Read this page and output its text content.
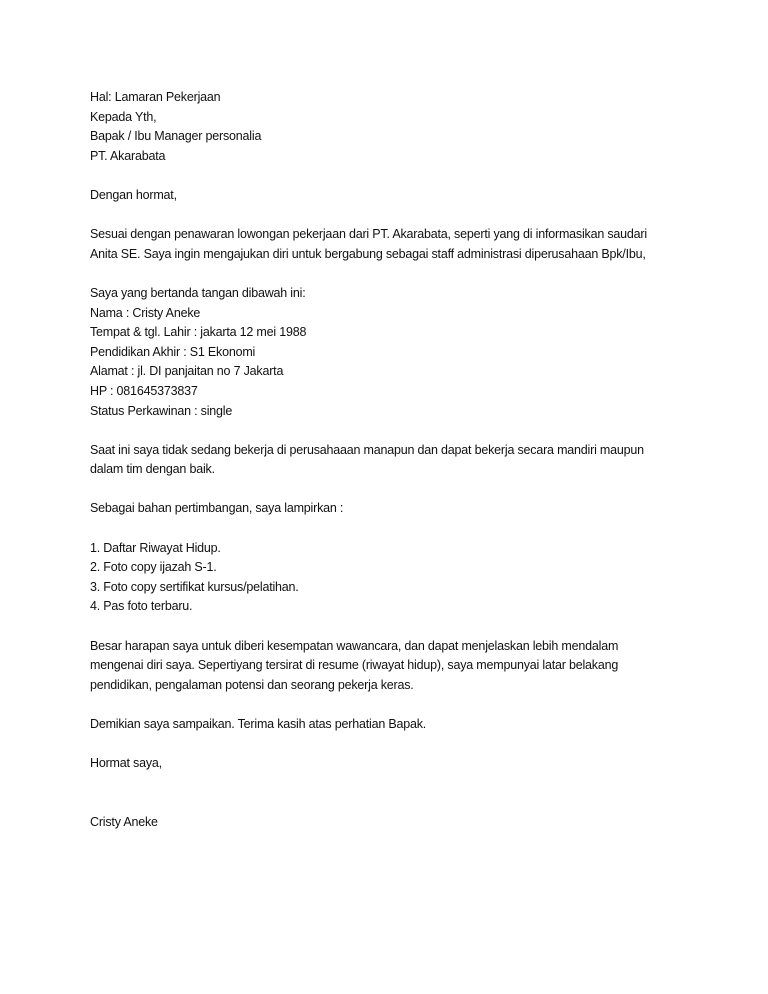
Hal: Lamaran Pekerjaan
Kepada Yth,
Bapak / Ibu Manager personalia
PT. Akarabata
Dengan hormat,
Sesuai dengan penawaran lowongan pekerjaan dari PT. Akarabata, seperti yang di informasikan saudari
Anita SE. Saya ingin mengajukan diri untuk bergabung sebagai staff administrasi diperusahaan Bpk/Ibu,
Saya yang bertanda tangan dibawah ini:
Nama : Cristy Aneke
Tempat & tgl. Lahir : jakarta 12 mei 1988
Pendidikan Akhir : S1 Ekonomi
Alamat : jl. DI panjaitan no 7 Jakarta
HP : 081645373837
Status Perkawinan : single
Saat ini saya tidak sedang bekerja di perusahaaan manapun dan dapat bekerja secara mandiri maupun
dalam tim dengan baik.
Sebagai bahan pertimbangan, saya lampirkan :
1. Daftar Riwayat Hidup.
2. Foto copy ijazah S-1.
3. Foto copy sertifikat kursus/pelatihan.
4. Pas foto terbaru.
Besar harapan saya untuk diberi kesempatan wawancara, dan dapat menjelaskan lebih mendalam
mengenai diri saya. Sepertiyang tersirat di resume (riwayat hidup), saya mempunyai latar belakang
pendidikan, pengalaman potensi dan seorang pekerja keras.
Demikian saya sampaikan. Terima kasih atas perhatian Bapak.
Hormat saya,
Cristy Aneke
